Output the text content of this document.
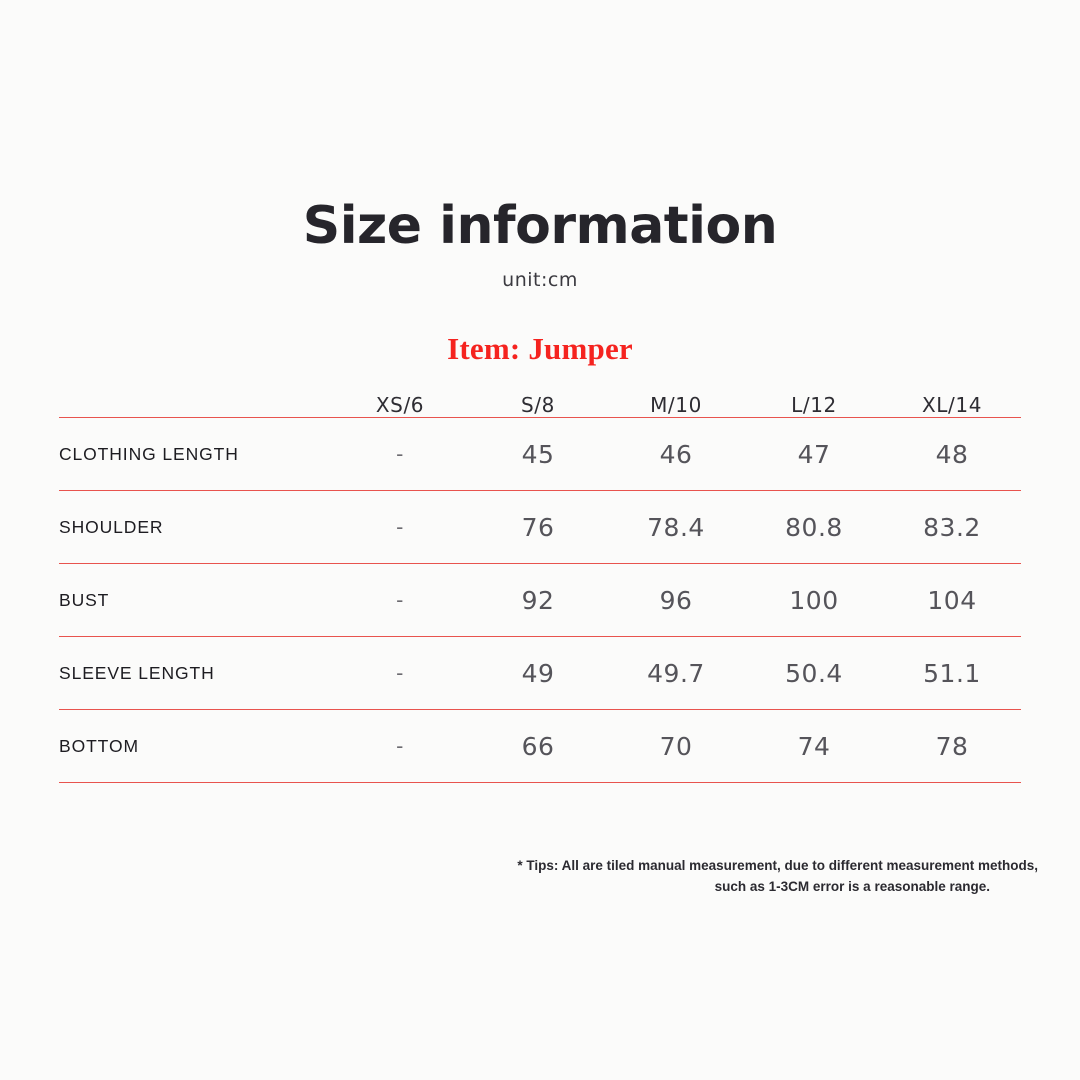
Size information
unit:cm
Item: Jumper
	XS/6	S/8	M/10	L/12	XL/14
CLOTHING LENGTH	-	45	46	47	48
SHOULDER	-	76	78.4	80.8	83.2
BUST	-	92	96	100	104
SLEEVE LENGTH	-	49	49.7	50.4	51.1
BOTTOM	-	66	70	74	78
* Tips: All are tiled manual measurement, due to different measurement methods,
such as 1-3CM error is a reasonable range.
